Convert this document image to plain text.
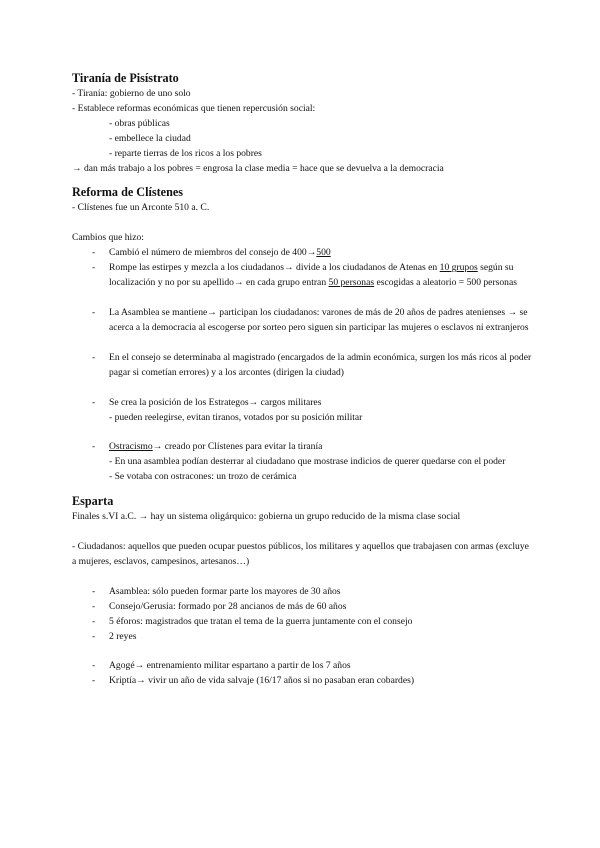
Tiranía de Pisístrato

- Tiranía: gobierno de uno solo

- Establece reformas económicas que tienen repercusión social:

- obras públicas

- embellece la ciudad

- reparte tierras de los ricos a los pobres

→ dan más trabajo a los pobres = engrosa la clase media = hace que se devuelva a la democracia

Reforma de Clístenes

- Clístenes fue un Arconte 510 a. C.

Cambios que hizo:

- Cambió el número de miembros del consejo de 400→500

- Rompe las estirpes y mezcla a los ciudadanos→ divide a los ciudadanos de Atenas en 10 grupos según su localización y no por su apellido→ en cada grupo entran 50 personas escogidas a aleatorio = 500 personas

- La Asamblea se mantiene→ participan los ciudadanos: varones de más de 20 años de padres atenienses → se acerca a la democracia al escogerse por sorteo pero siguen sin participar las mujeres o esclavos ni extranjeros

- En el consejo se determinaba al magistrado (encargados de la admin económica, surgen los más ricos al poder pagar si cometían errores) y a los arcontes (dirigen la ciudad)

- Se crea la posición de los Estrategos→ cargos militares

- pueden reelegirse, evitan tiranos, votados por su posición militar

- Ostracismo→ creado por Clístenes para evitar la tiranía

- En una asamblea podían desterrar al ciudadano que mostrase indicios de querer quedarse con el poder

- Se votaba con ostracones: un trozo de cerámica

Esparta

Finales s.VI a.C. → hay un sistema oligárquico: gobierna un grupo reducido de la misma clase social

- Ciudadanos: aquellos que pueden ocupar puestos públicos, los militares y aquellos que trabajasen con armas (excluye a mujeres, esclavos, campesinos, artesanos…)

- Asamblea: sólo pueden formar parte los mayores de 30 años

- Consejo/Gerusia: formado por 28 ancianos de más de 60 años

- 5 éforos: magistrados que tratan el tema de la guerra juntamente con el consejo

- 2 reyes

- Agogé→ entrenamiento militar espartano a partir de los 7 años

- Kriptía→ vivir un año de vida salvaje (16/17 años si no pasaban eran cobardes)
